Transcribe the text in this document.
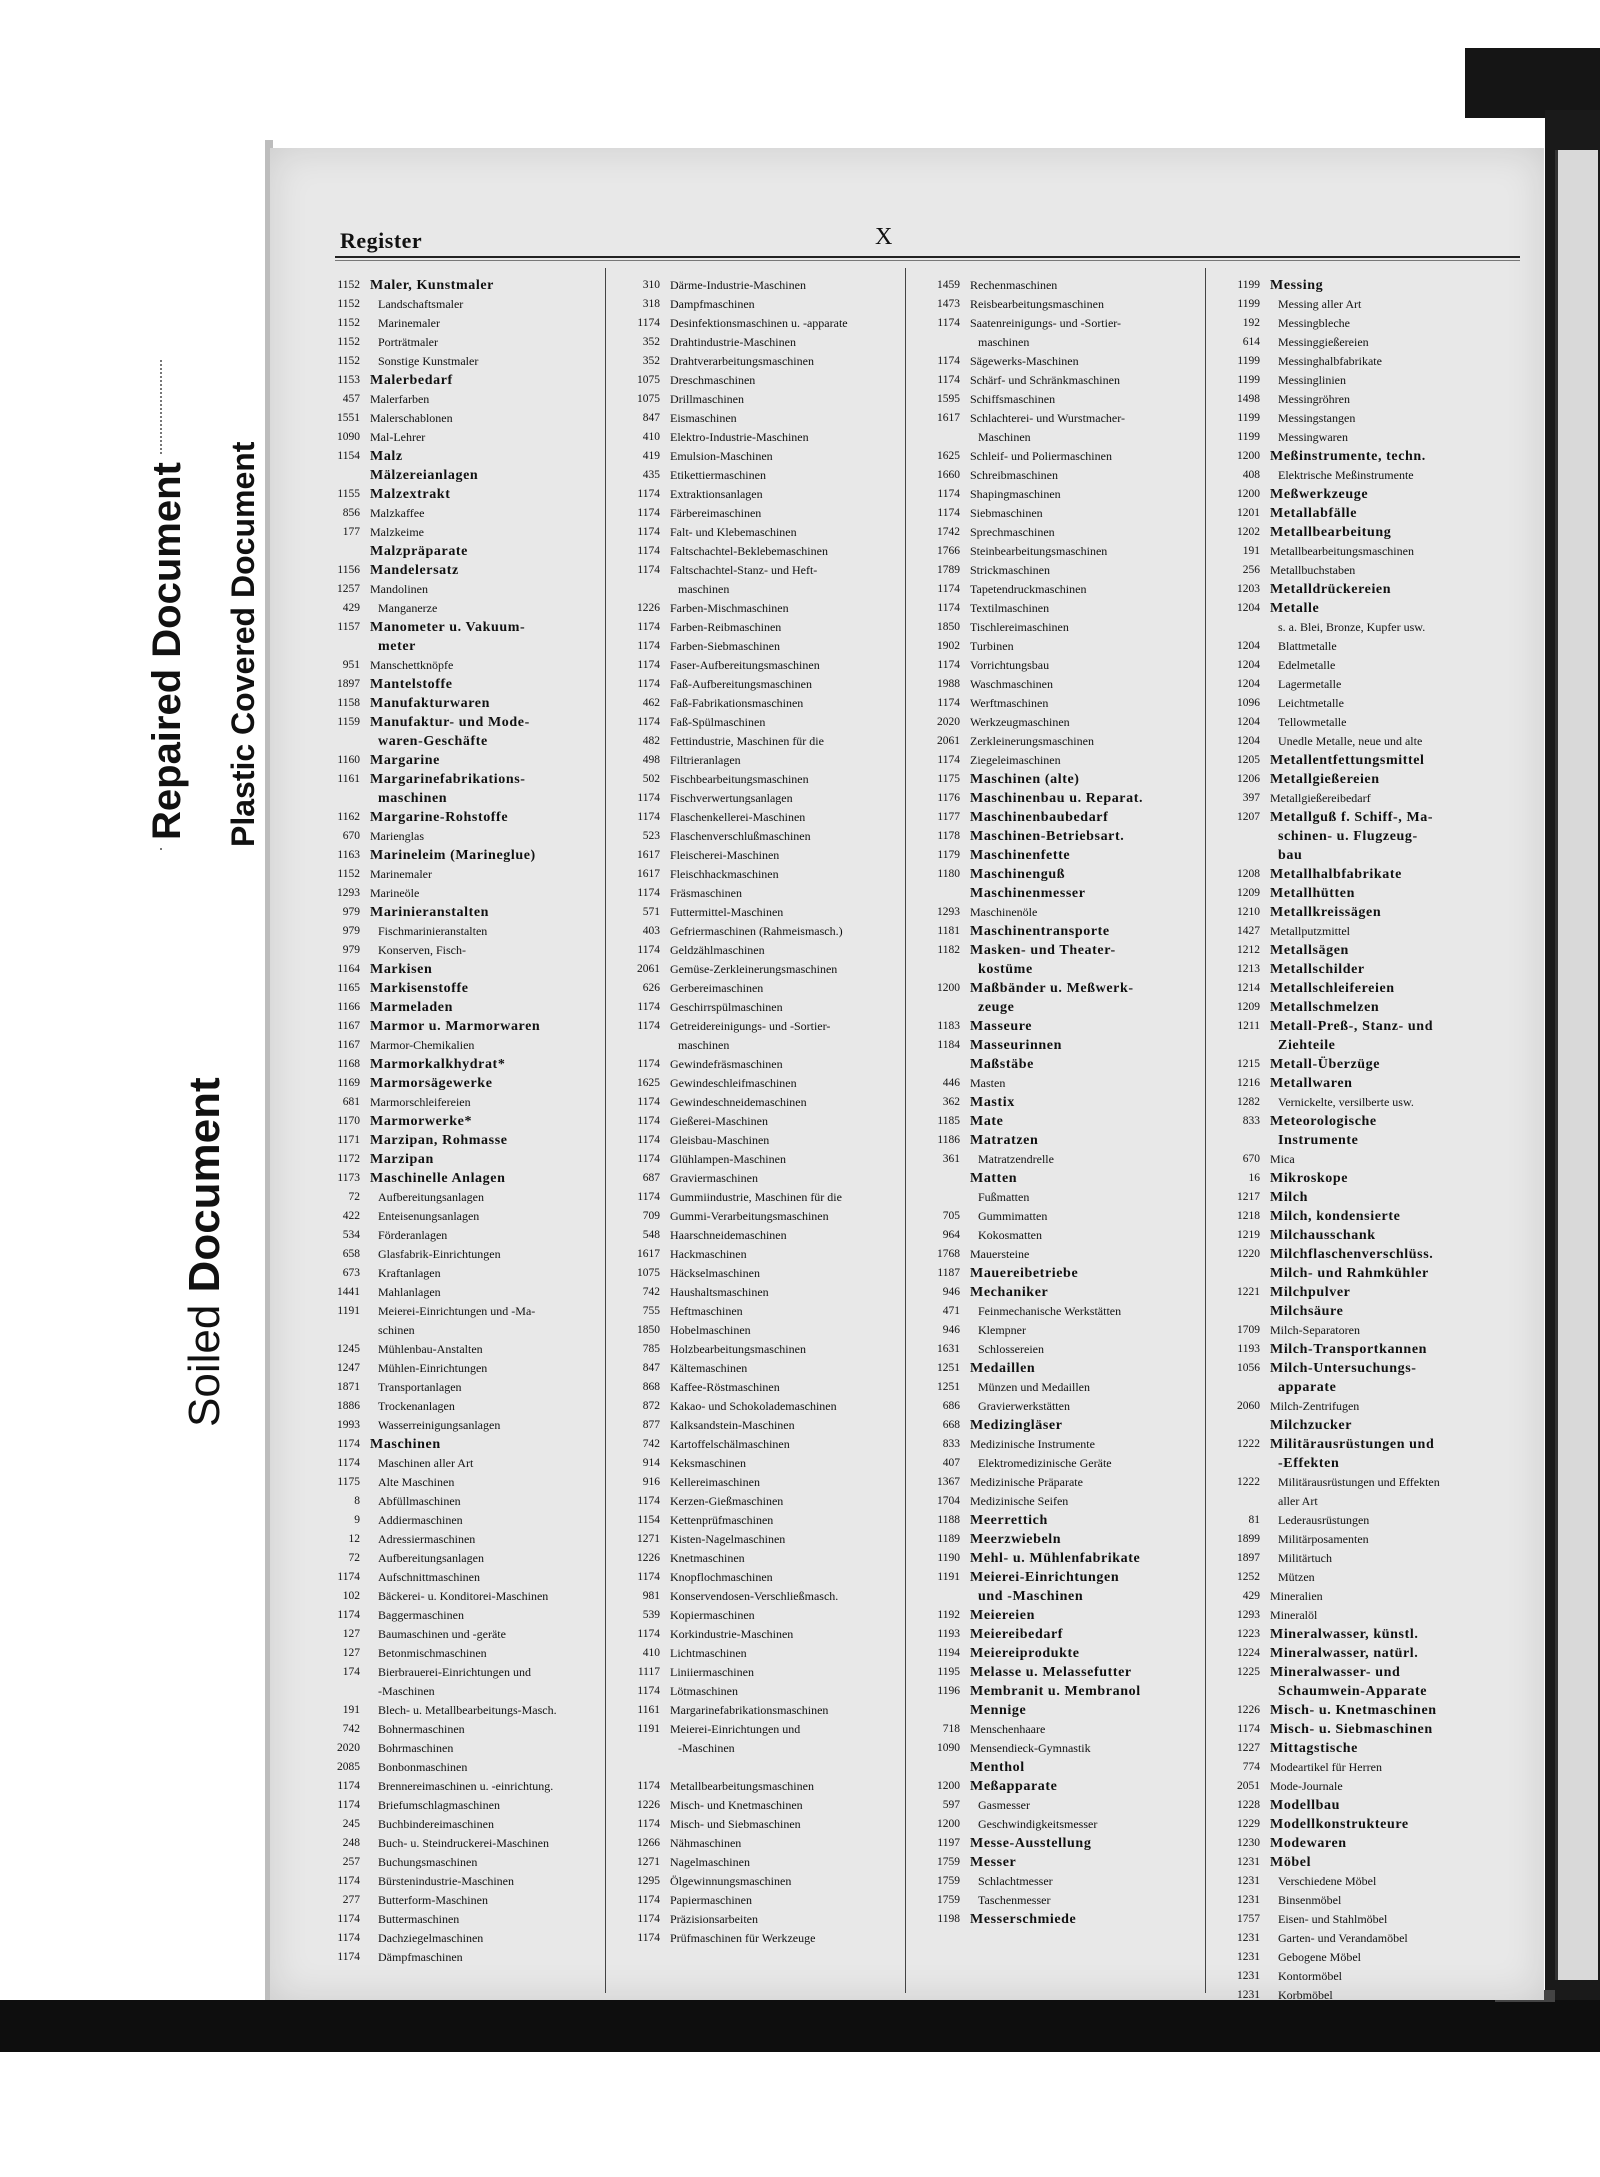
Repaired Document Plastic Covered Document
Soiled Document
Register	X
1152 Maler, Kunstmaler
1152 Landschaftsmaler
1152 Marinemaler
1152 Porträtmaler
1152 Sonstige Kunstmaler
1153 Malerbedarf
457 Malerfarben
1551 Malerschablonen
1090 Mal-Lehrer
1154 Malz
Mälzereianlagen
1155 Malzextrakt
856 Malzkaffee
177 Malzkeime
Malzpräparate
1156 Mandelersatz
1257 Mandolinen
429 Manganerze
1157 Manometer u. Vakuum-
meter
951 Manschettknöpfe
1897 Mantelstoffe
1158 Manufakturwaren
1159 Manufaktur- und Mode-
waren-Geschäfte
1160 Margarine
1161 Margarinefabrikations-
maschinen
1162 Margarine-Rohstoffe
670 Marienglas
1163 Marineleim (Marineglue)
1152 Marinemaler
1293 Marineöle
979 Marinieranstalten
979 Fischmarinieranstalten
979 Konserven, Fisch-
1164 Markisen
1165 Markisenstoffe
1166 Marmeladen
1167 Marmor u. Marmorwaren
1167 Marmor-Chemikalien
1168 Marmorkalkhydrat*
1169 Marmorsägewerke
681 Marmorschleifereien
1170 Marmorwerke*
1171 Marzipan, Rohmasse
1172 Marzipan
1173 Maschinelle Anlagen
72 Aufbereitungsanlagen
422 Enteisenungsanlagen
534 Förderanlagen
658 Glasfabrik-Einrichtungen
673 Kraftanlagen
1441 Mahlanlagen
1191 Meierei-Einrichtungen und -Ma-
schinen
1245 Mühlenbau-Anstalten
1247 Mühlen-Einrichtungen
1871 Transportanlagen
1886 Trockenanlagen
1993 Wasserreinigungsanlagen
1174 Maschinen
1174 Maschinen aller Art
1175 Alte Maschinen
8 Abfüllmaschinen
9 Addiermaschinen
12 Adressiermaschinen
72 Aufbereitungsanlagen
1174 Aufschnittmaschinen
102 Bäckerei- u. Konditorei-Maschinen
1174 Baggermaschinen
127 Baumaschinen und -geräte
127 Betonmischmaschinen
174 Bierbrauerei-Einrichtungen und
-Maschinen
191 Blech- u. Metallbearbeitungs-Masch.
742 Bohnermaschinen
2020 Bohrmaschinen
2085 Bonbonmaschinen
1174 Brennereimaschinen u. -einrichtung.
1174 Briefumschlagmaschinen
245 Buchbindereimaschinen
248 Buch- u. Steindruckerei-Maschinen
257 Buchungsmaschinen
1174 Bürstenindustrie-Maschinen
277 Butterform-Maschinen
1174 Buttermaschinen
1174 Dachziegelmaschinen
1174 Dämpfmaschinen
310 Därme-Industrie-Maschinen
318 Dampfmaschinen
1174 Desinfektionsmaschinen u. -apparate
352 Drahtindustrie-Maschinen
352 Drahtverarbeitungsmaschinen
1075 Dreschmaschinen
1075 Drillmaschinen
847 Eismaschinen
410 Elektro-Industrie-Maschinen
419 Emulsion-Maschinen
435 Etikettiermaschinen
1174 Extraktionsanlagen
1174 Färbereimaschinen
1174 Falt- und Klebemaschinen
1174 Faltschachtel-Beklebemaschinen
1174 Faltschachtel-Stanz- und Heft-
maschinen
1226 Farben-Mischmaschinen
1174 Farben-Reibmaschinen
1174 Farben-Siebmaschinen
1174 Faser-Aufbereitungsmaschinen
1174 Faß-Aufbereitungsmaschinen
462 Faß-Fabrikationsmaschinen
1174 Faß-Spülmaschinen
482 Fettindustrie, Maschinen für die
498 Filtrieranlagen
502 Fischbearbeitungsmaschinen
1174 Fischverwertungsanlagen
1174 Flaschenkellerei-Maschinen
523 Flaschenverschlußmaschinen
1617 Fleischerei-Maschinen
1617 Fleischhackmaschinen
1174 Fräsmaschinen
571 Futtermittel-Maschinen
403 Gefriermaschinen (Rahmeismasch.)
1174 Geldzählmaschinen
2061 Gemüse-Zerkleinerungsmaschinen
626 Gerbereimaschinen
1174 Geschirrspülmaschinen
1174 Getreidereinigungs- und -Sortier-
maschinen
1174 Gewindefräsmaschinen
1625 Gewindeschleifmaschinen
1174 Gewindeschneidemaschinen
1174 Gießerei-Maschinen
1174 Gleisbau-Maschinen
1174 Glühlampen-Maschinen
687 Graviermaschinen
1174 Gummiindustrie, Maschinen für die
709 Gummi-Verarbeitungsmaschinen
548 Haarschneidemaschinen
1617 Hackmaschinen
1075 Häckselmaschinen
742 Haushaltsmaschinen
755 Heftmaschinen
1850 Hobelmaschinen
785 Holzbearbeitungsmaschinen
847 Kältemaschinen
868 Kaffee-Röstmaschinen
872 Kakao- und Schokolademaschinen
877 Kalksandstein-Maschinen
742 Kartoffelschälmaschinen
914 Keksmaschinen
916 Kellereimaschinen
1174 Kerzen-Gießmaschinen
1154 Kettenprüfmaschinen
1271 Kisten-Nagelmaschinen
1226 Knetmaschinen
1174 Knopflochmaschinen
981 Konservendosen-Verschließmasch.
539 Kopiermaschinen
1174 Korkindustrie-Maschinen
410 Lichtmaschinen
1117 Liniiermaschinen
1174 Lötmaschinen
1161 Margarinefabrikationsmaschinen
1191 Meierei-Einrichtungen und
-Maschinen
1174 Metallbearbeitungsmaschinen
1226 Misch- und Knetmaschinen
1174 Misch- und Siebmaschinen
1266 Nähmaschinen
1271 Nagelmaschinen
1295 Ölgewinnungsmaschinen
1174 Papiermaschinen
1174 Präzisionsarbeiten
1174 Prüfmaschinen für Werkzeuge
1459 Rechenmaschinen
1473 Reisbearbeitungsmaschinen
1174 Saatenreinigungs- und -Sortier-
maschinen
1174 Sägewerks-Maschinen
1174 Schärf- und Schränkmaschinen
1595 Schiffsmaschinen
1617 Schlachterei- und Wurstmacher-
Maschinen
1625 Schleif- und Poliermaschinen
1660 Schreibmaschinen
1174 Shapingmaschinen
1174 Siebmaschinen
1742 Sprechmaschinen
1766 Steinbearbeitungsmaschinen
1789 Strickmaschinen
1174 Tapetendruckmaschinen
1174 Textilmaschinen
1850 Tischlereimaschinen
1902 Turbinen
1174 Vorrichtungsbau
1988 Waschmaschinen
1174 Werftmaschinen
2020 Werkzeugmaschinen
2061 Zerkleinerungsmaschinen
1174 Ziegeleimaschinen
1175 Maschinen (alte)
1176 Maschinenbau u. Reparat.
1177 Maschinenbaubedarf
1178 Maschinen-Betriebsart.
1179 Maschinenfette
1180 Maschinenguß
Maschinenmesser
1293 Maschinenöle
1181 Maschinentransporte
1182 Masken- und Theater-
kostüme
1200 Maßbänder u. Meßwerk-
zeuge
1183 Masseure
1184 Masseurinnen
Maßstäbe
446 Masten
362 Mastix
1185 Mate
1186 Matratzen
361 Matratzendrelle
Matten
Fußmatten
705 Gummimatten
964 Kokosmatten
1768 Mauersteine
1187 Mauereibetriebe
946 Mechaniker
471 Feinmechanische Werkstätten
946 Klempner
1631 Schlossereien
1251 Medaillen
1251 Münzen und Medaillen
686 Gravierwerkstätten
668 Medizingläser
833 Medizinische Instrumente
407 Elektromedizinische Geräte
1367 Medizinische Präparate
1704 Medizinische Seifen
1188 Meerrettich
1189 Meerzwiebeln
1190 Mehl- u. Mühlenfabrikate
1191 Meierei-Einrichtungen
und -Maschinen
1192 Meiereien
1193 Meiereibedarf
1194 Meiereiprodukte
1195 Melasse u. Melassefutter
1196 Membranit u. Membranol
Mennige
718 Menschenhaare
1090 Mensendieck-Gymnastik
Menthol
1200 Meßapparate
597 Gasmesser
1200 Geschwindigkeitsmesser
1197 Messe-Ausstellung
1759 Messer
1759 Schlachtmesser
1759 Taschenmesser
1198 Messerschmiede
1199 Messing
1199 Messing aller Art
192 Messingbleche
614 Messinggießereien
1199 Messinghalbfabrikate
1199 Messinglinien
1498 Messingröhren
1199 Messingstangen
1199 Messingwaren
1200 Meßinstrumente, techn.
408 Elektrische Meßinstrumente
1200 Meßwerkzeuge
1201 Metallabfälle
1202 Metallbearbeitung
191 Metallbearbeitungsmaschinen
256 Metallbuchstaben
1203 Metalldrückereien
1204 Metalle
s. a. Blei, Bronze, Kupfer usw.
1204 Blattmetalle
1204 Edelmetalle
1204 Lagermetalle
1096 Leichtmetalle
1204 Tellowmetalle
1204 Unedle Metalle, neue und alte
1205 Metallentfettungsmittel
1206 Metallgießereien
397 Metallgießereibedarf
1207 Metallguß f. Schiff-, Ma-
schinen- u. Flugzeug-
bau
1208 Metallhalbfabrikate
1209 Metallhütten
1210 Metallkreissägen
1427 Metallputzmittel
1212 Metallsägen
1213 Metallschilder
1214 Metallschleifereien
1209 Metallschmelzen
1211 Metall-Preß-, Stanz- und
Ziehteile
1215 Metall-Überzüge
1216 Metallwaren
1282 Vernickelte, versilberte usw.
833 Meteorologische
Instrumente
670 Mica
16 Mikroskope
1217 Milch
1218 Milch, kondensierte
1219 Milchausschank
1220 Milchflaschenverschlüss.
Milch- und Rahmkühler
1221 Milchpulver
Milchsäure
1709 Milch-Separatoren
1193 Milch-Transportkannen
1056 Milch-Untersuchungs-
apparate
2060 Milch-Zentrifugen
Milchzucker
1222 Militärausrüstungen und
-Effekten
1222 Militärausrüstungen und Effekten
aller Art
81 Lederausrüstungen
1899 Militärposamenten
1897 Militärtuch
1252 Mützen
429 Mineralien
1293 Mineralöl
1223 Mineralwasser, künstl.
1224 Mineralwasser, natürl.
1225 Mineralwasser- und
Schaumwein-Apparate
1226 Misch- u. Knetmaschinen
1174 Misch- u. Siebmaschinen
1227 Mittagstische
774 Modeartikel für Herren
2051 Mode-Journale
1228 Modellbau
1229 Modellkonstrukteure
1230 Modewaren
1231 Möbel
1231 Verschiedene Möbel
1231 Binsenmöbel
1757 Eisen- und Stahlmöbel
1231 Garten- und Verandamöbel
1231 Gebogene Möbel
1231 Kontormöbel
1231 Korbmöbel
